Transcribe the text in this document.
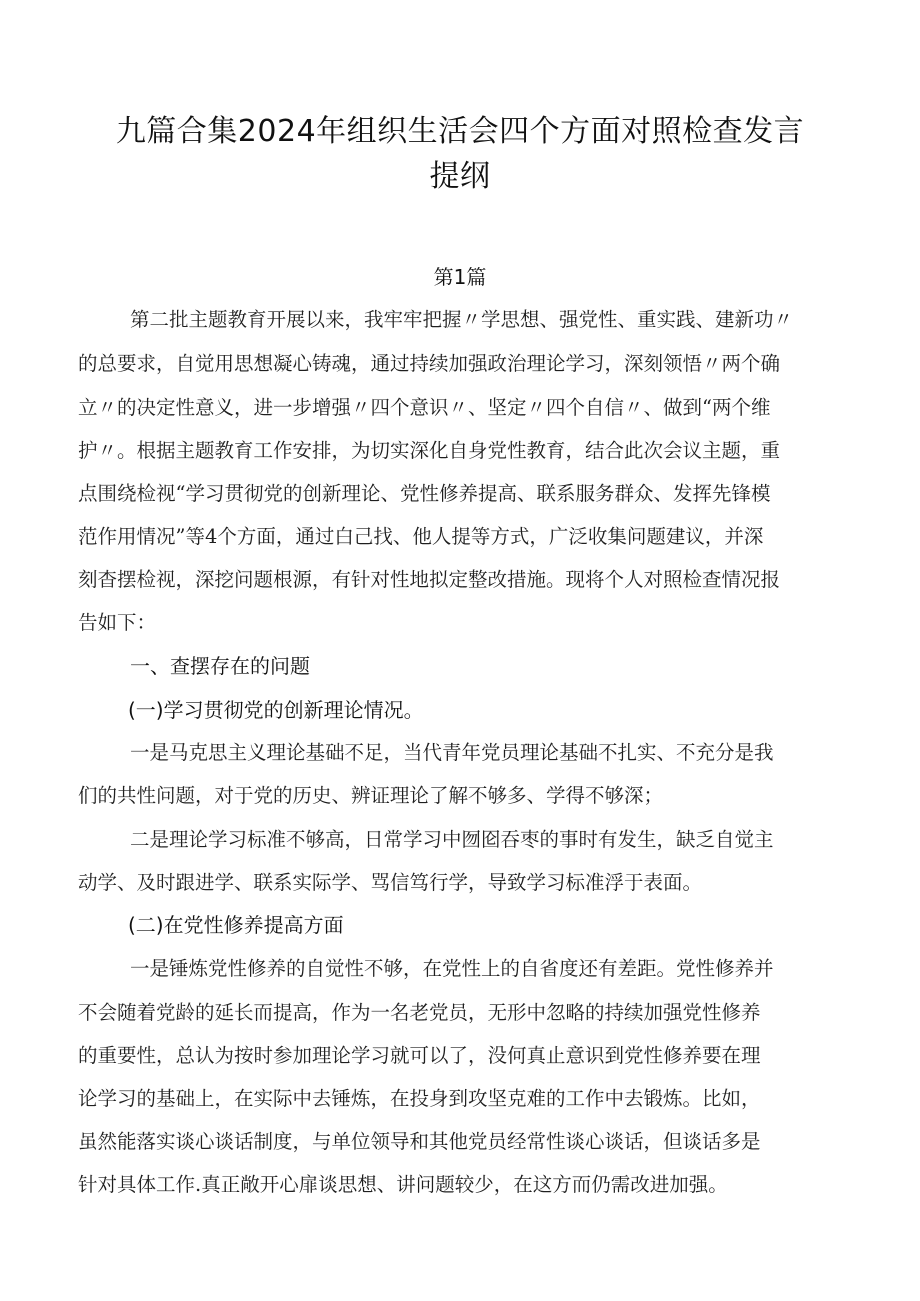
九篇合集2024年组织生活会四个方面对照检查发言
提纲
第1篇
第二批主题教育开展以来，我牢牢把握〃学思想、强党性、重实践、建新功〃
的总要求，自觉用思想凝心铸魂，通过持续加强政治理论学习，深刻领悟〃两个确
立〃的决定性意义，进一步增强〃四个意识〃、坚定〃四个自信〃、做到“两个维
护〃。根据主题教育工作安排，为切实深化自身党性教育，结合此次会议主题，重
点围绕检视“学习贯彻党的创新理论、党性修养提高、联系服务群众、发挥先锋模
范作用情况”等4个方面，通过白己找、他人提等方式，广泛收集问题建议，并深
刻杳摆检视，深挖问题根源，有针对性地拟定整改措施。现将个人对照检查情况报
告如下：
一、查摆存在的问题
(一)学习贯彻党的创新理论情况。
一是马克思主义理论基础不足，当代青年党员理论基础不扎实、不充分是我
们的共性问题，对于党的历史、辨证理论了解不够多、学得不够深；
二是理论学习标准不够高，日常学习中囫囵吞枣的事时有发生，缺乏自觉主
动学、及时跟进学、联系实际学、骂信笃行学，导致学习标准浮于表面。
(二)在党性修养提高方面
一是锤炼党性修养的自觉性不够，在党性上的自省度还有差距。党性修养并
不会随着党龄的延长而提高，作为一名老党员，无形中忽略的持续加强党性修养
的重要性，总认为按时参加理论学习就可以了，没何真止意识到党性修养要在理
论学习的基础上，在实际中去锤炼，在投身到攻坚克难的工作中去锻炼。比如，
虽然能落实谈心谈话制度，与单位领导和其他党员经常性谈心谈话，但谈话多是
针对具体工作.真正敞开心扉谈思想、讲问题较少，在这方而仍需改进加强。
